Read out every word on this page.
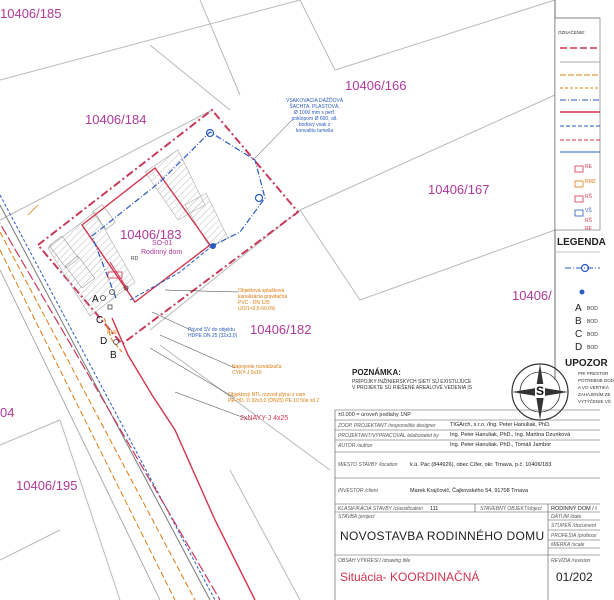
10406/185
10406/166
10406/184
10406/167
10406/183
10406/182
10406/195
10406/
04
SO-01
Rodinný dom
A
C
D
B
RD
RMZ
VSAKOVACIA DAŽĎOVÁ
ŠACHTA, PLASTOVÁ,
Ø 1000 mm s perf.
poklopom Ø 600, alt.
bodový vsak z
konvalitu tumelia
Objektová splašková
kanalizácia gravitačná
PVC - DN 125
UO/1+0,5-60,0%
Prívod SV do objektu
HDPE DN 25 (32x3,0)
Napojenie rozvádzača
CYKY-J 5x10
Objektový NTL rozvod plynu z vam
PE-HD, D 32x3,0 (DN25) PE 10 50e sit 2
2xNAYY-J 4x25
POZNÁMKA:
PRÍPOJKY INŽINIERSKYCH SIETÍ SÚ EXISTUJÚCE
V PROJEKTE SÚ RIEŠENÉ AREÁLOVÉ VEDENIA IS	S
OZNAČENIE:
RE
RMZ
RŠ
VŠ
RŠ
RE
LEGENDA
A BOD
B BOD
C BOD
D BOD
UPOZOR
PRI PRESTOR
POTREBNÉ DOD
A VO VERTIKÁ
ZAHÁJENÍM ZE
VYTÝČENIE VŠ
±0.000 = úroveň podlahy 1NP
ZODP. PROJEKTANT /responsible designer	TIGArch, s.r.o. /Ing. Peter Hanuliak, PhD.
PROJEKTANT/VYPRACOVAL /elaborated by Ing. Peter Hanuliak, PhD., Ing. Martina Dzuriková
AUTOR /author	Ing. Peter Hanuliak, PhD., Tomáš Jambor
MIESTO STAVBY /location k.ú. Pác (844926), obec Cífer, okr. Trnava, p.č. 10406/183
INVESTOR /client	Marek Krajčovič, Čajkovského 54, 91708 Trnava
KLASIFIKÁCIA STAVBY /classification 111	STAVEBNÝ OBJEKT/object RODINNÝ DOM / I
STAVBA /project
NOVOSTAVBA RODINNÉHO DOMU
DÁTUM /date
STUPEŇ /document
PROFESIA /professi
MIERKA /scale
OBSAH VÝKRESU /drawing title
Situácia- KOORDINAČNÁ
REVÍZIA /revision
01/202
